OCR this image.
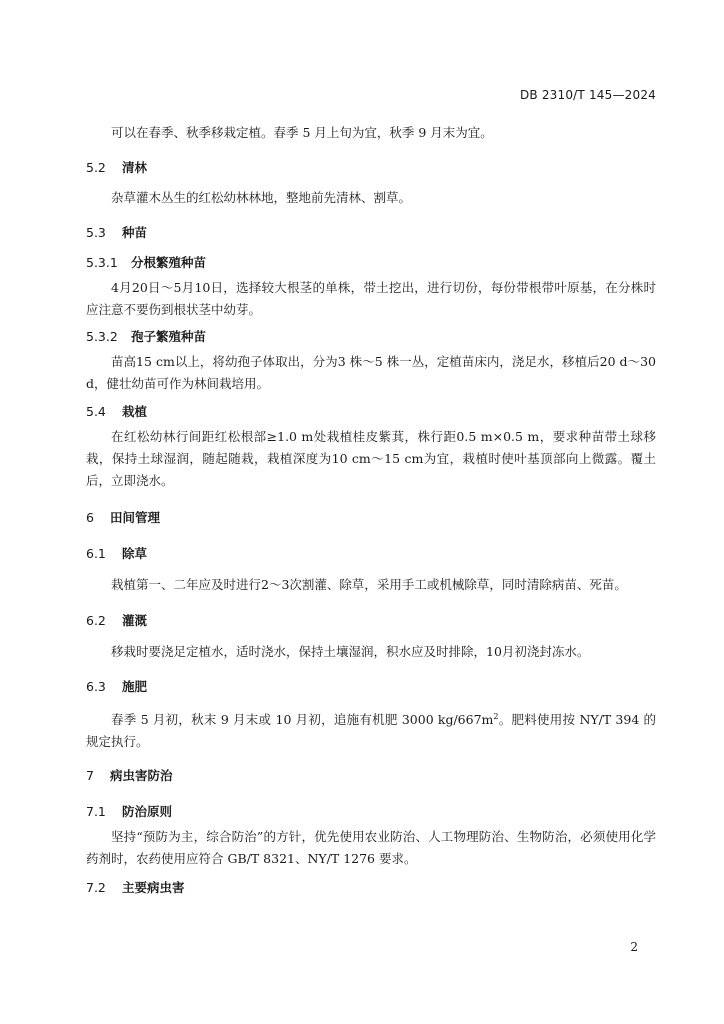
DB 2310/T 145—2024
可以在春季、秋季移栽定植。春季 5 月上旬为宜，秋季 9 月末为宜。
5.2 清林
杂草灌木丛生的红松幼林林地，整地前先清林、割草。
5.3 种苗
5.3.1 分根繁殖种苗
4月20日～5月10日，选择较大根茎的单株，带土挖出，进行切份，每份带根带叶原基，在分株时应注意不要伤到根状茎中幼芽。
5.3.2 孢子繁殖种苗
苗高15 cm以上，将幼孢子体取出，分为3 株～5 株一丛，定植苗床内，浇足水，移植后20 d～30 d，健壮幼苗可作为林间栽培用。
5.4 栽植
在红松幼林行间距红松根部≥1.0 m处栽植桂皮紫萁，株行距0.5 m×0.5 m，要求种苗带土球移栽，保持土球湿润，随起随栽，栽植深度为10 cm～15 cm为宜，栽植时使叶基顶部向上微露。覆土后，立即浇水。
6 田间管理
6.1 除草
栽植第一、二年应及时进行2～3次割灌、除草，采用手工或机械除草，同时清除病苗、死苗。
6.2 灌溉
移栽时要浇足定植水，适时浇水，保持土壤湿润，积水应及时排除，10月初浇封冻水。
6.3 施肥
春季 5 月初，秋末 9 月末或 10 月初，追施有机肥 3000 $kg/667m^2$。肥料使用按 NY/T 394 的规定执行。
7 病虫害防治
7.1 防治原则
坚持“预防为主，综合防治”的方针，优先使用农业防治、人工物理防治、生物防治，必须使用化学药剂时，农药使用应符合 GB/T 8321、NY/T 1276 要求。
7.2 主要病虫害
2
